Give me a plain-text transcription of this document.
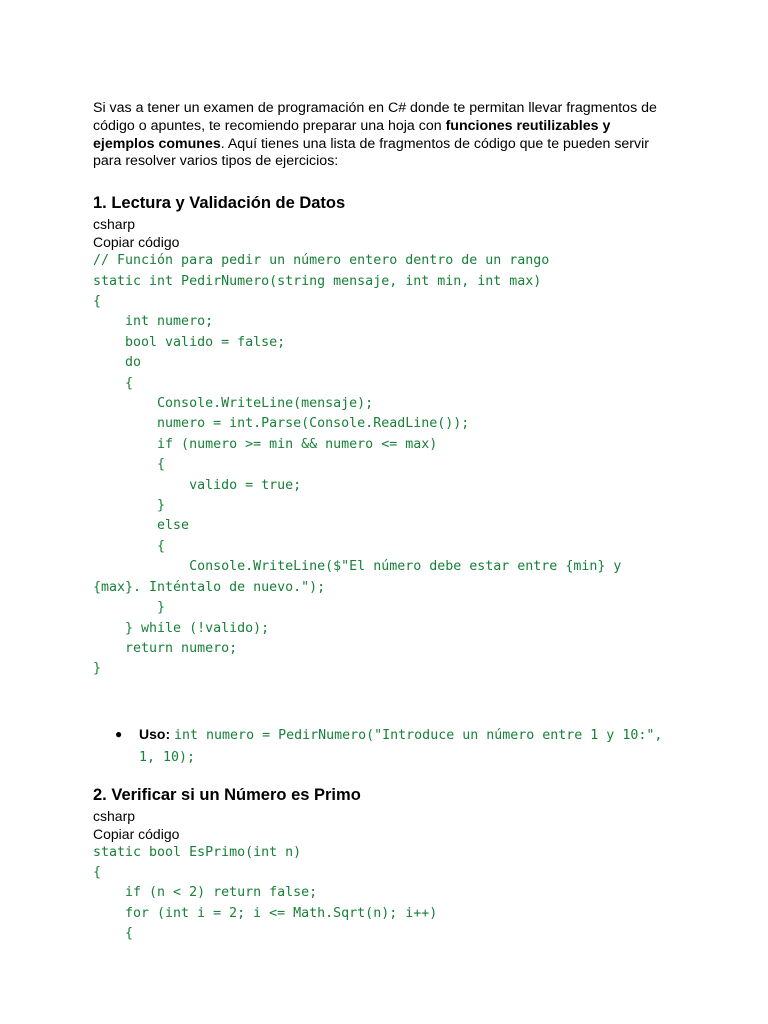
Si vas a tener un examen de programación en C# donde te permitan llevar fragmentos de código o apuntes, te recomiendo preparar una hoja con funciones reutilizables y ejemplos comunes. Aquí tienes una lista de fragmentos de código que te pueden servir para resolver varios tipos de ejercicios:

1. Lectura y Validación de Datos

csharp

Copiar código

// Función para pedir un número entero dentro de un rango
static int PedirNumero(string mensaje, int min, int max)
{
int numero;
bool valido = false;
do
{
Console.WriteLine(mensaje);
numero = int.Parse(Console.ReadLine());
if (numero >= min && numero <= max)
{
valido = true;
}
else
{
Console.WriteLine($"El número debe estar entre {min} y
{max}. Inténtalo de nuevo.");
}
} while (!valido);
return numero;
}
● Uso: int numero = PedirNumero("Introduce un número entre 1 y 10:", 1, 10);
2. Verificar si un Número es Primo

csharp

Copiar código

static bool EsPrimo(int n)
{
if (n < 2) return false;
for (int i = 2; i <= Math.Sqrt(n); i++)
{
